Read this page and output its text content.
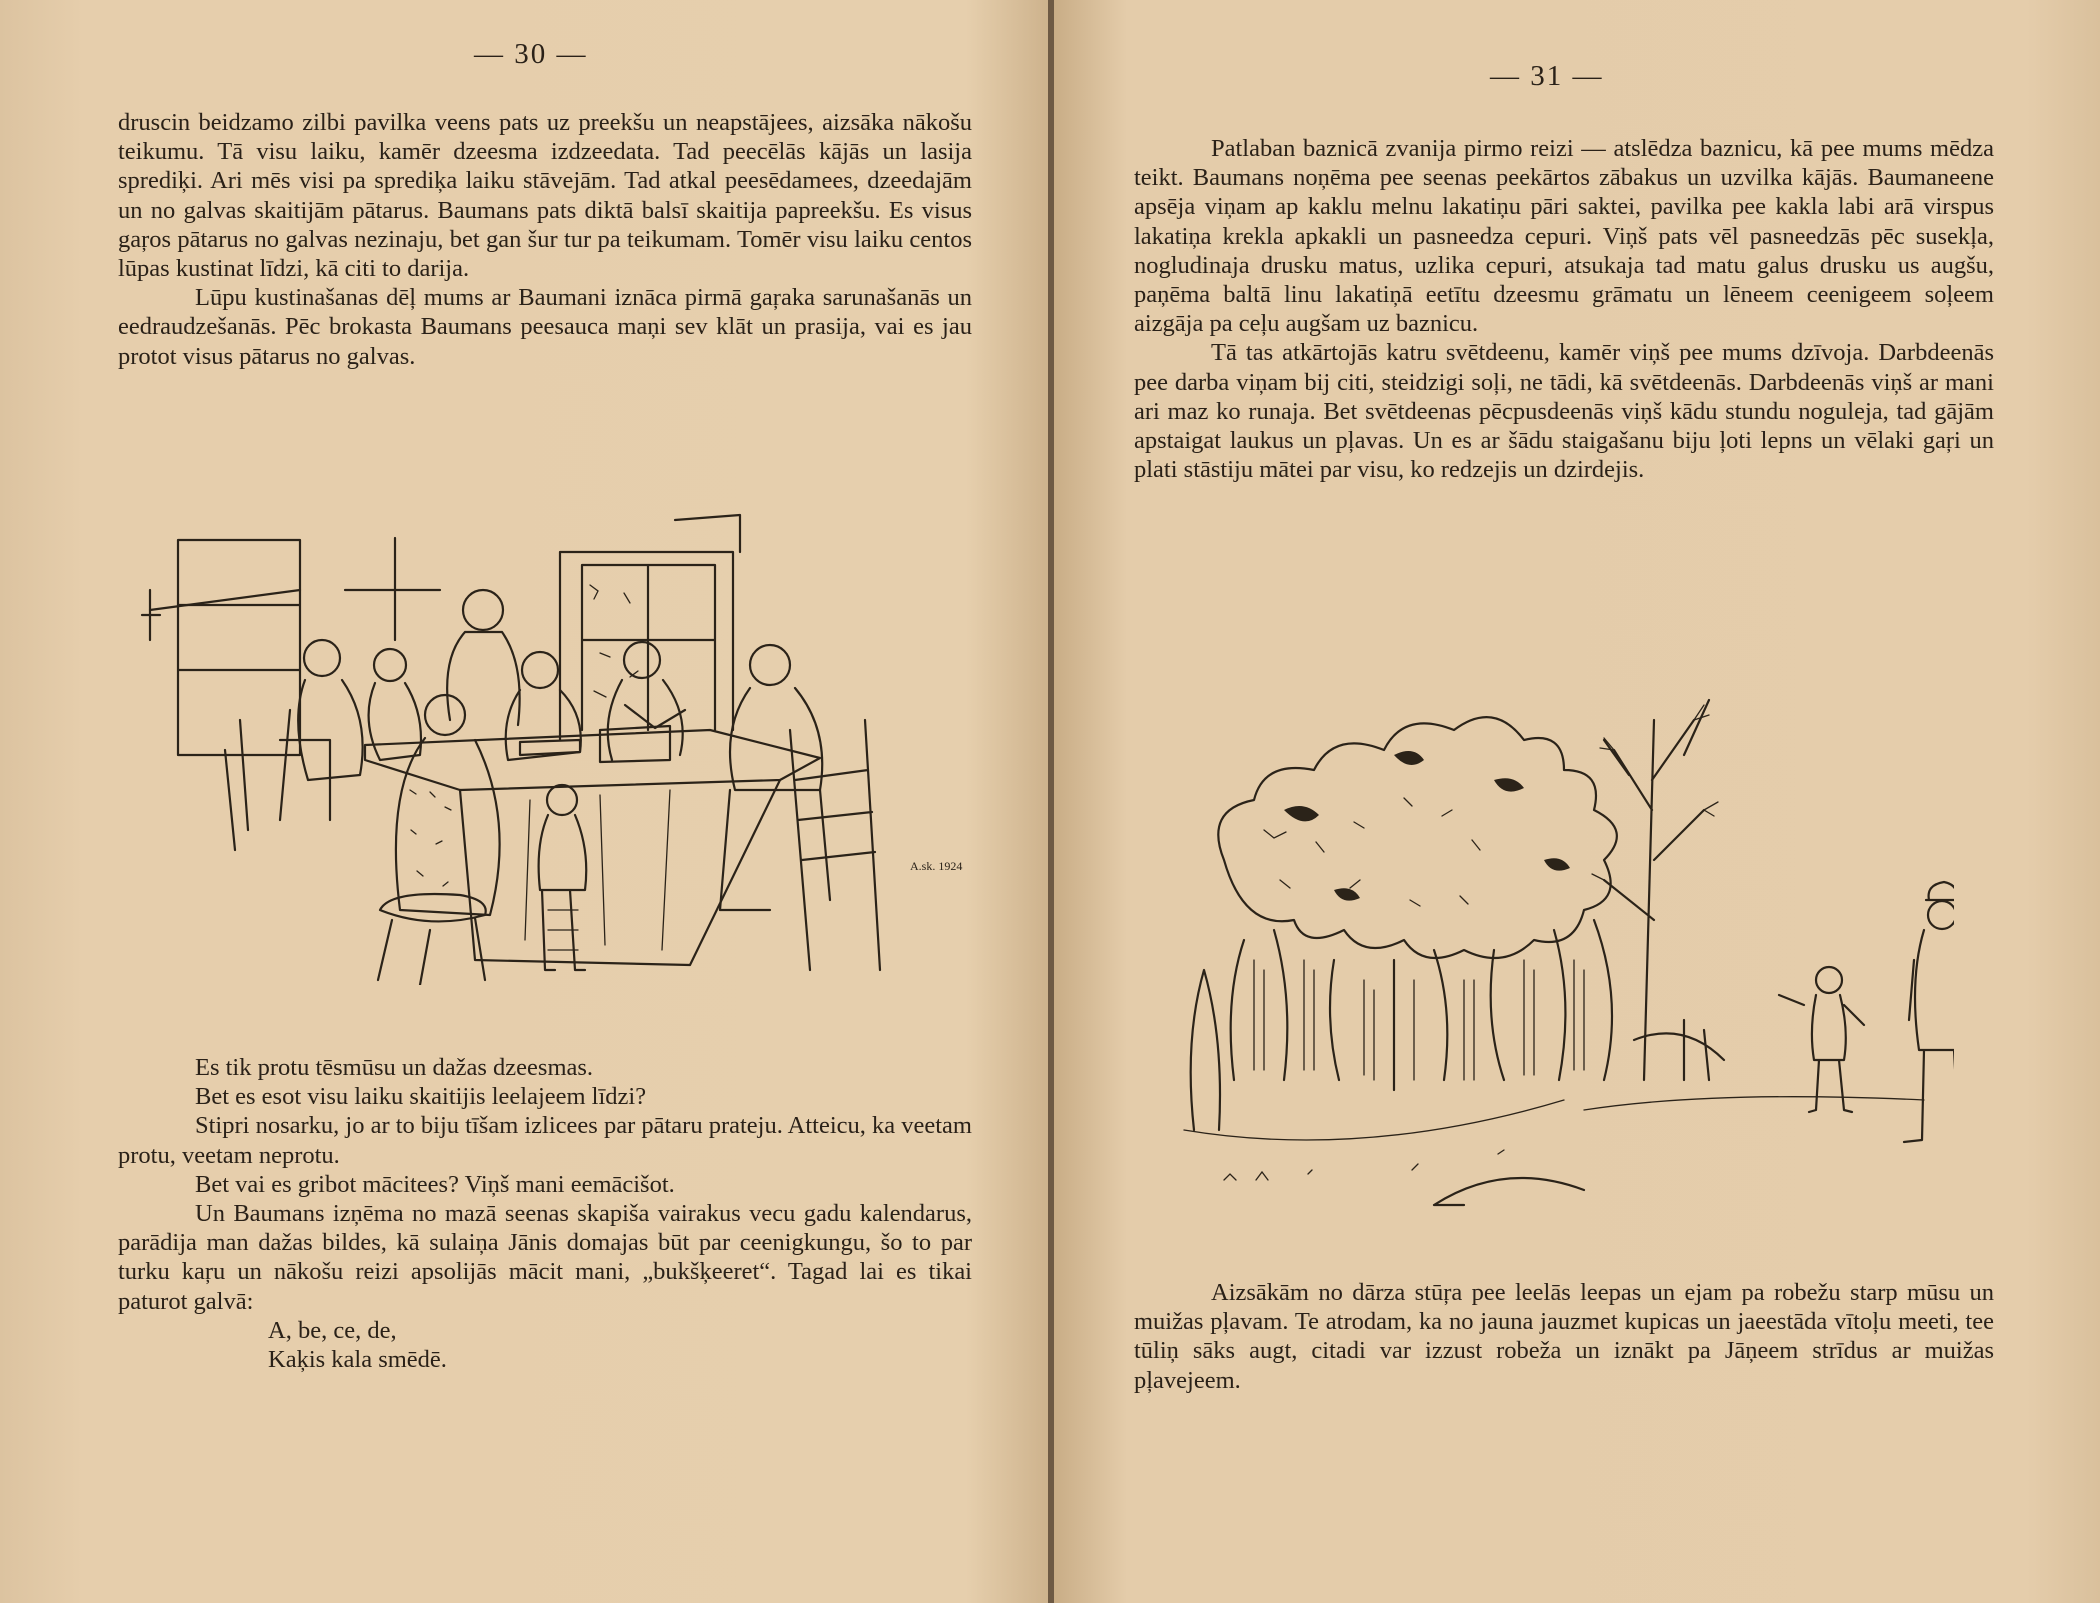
— 30 —

druscin beidzamo zilbi pavilka veens pats uz preekšu un neapstājees, aizsāka nākošu teikumu. Tā visu laiku, kamēr dzeesma izdzeedata. Tad peecēlās kājās un lasija sprediķi. Ari mēs visi pa sprediķa laiku stāvejām. Tad atkal peesēdamees, dzeedajām un no galvas skaitijām pātarus. Baumans pats diktā balsī skaitija papreekšu. Es visus gaŗos pātarus no galvas nezinaju, bet gan šur tur pa teikumam. Tomēr visu laiku centos lūpas kustinat līdzi, kā citi to darija.

Lūpu kustinašanas dēļ mums ar Baumani iznāca pirmā gaŗaka sarunašanās un eedraudzešanās. Pēc brokasta Baumans peesauca maņi sev klāt un prasija, vai es jau protot visus pātarus no galvas.

A.sk. 1924

Es tik protu tēsmūsu un dažas dzeesmas.

Bet es esot visu laiku skaitijis leelajeem līdzi?

Stipri nosarku, jo ar to biju tīšam izlicees par pātaru prateju. Atteicu, ka veetam protu, veetam neprotu.

Bet vai es gribot mācitees? Viņš mani eemācišot.

Un Baumans izņēma no mazā seenas skapiša vairakus vecu gadu kalendarus, parādija man dažas bildes, kā sulaiņa Jānis domajas būt par ceenigkungu, šo to par turku kaŗu un nākošu reizi apsolijās mācit mani, „bukšķeeret“. Tagad lai es tikai paturot galvā:

A, be, ce, de,

Kaķis kala smēdē.

— 31 —

Patlaban baznicā zvanija pirmo reizi — atslēdza baznicu, kā pee mums mēdza teikt. Baumans noņēma pee seenas peekārtos zābakus un uzvilka kājās. Baumaneene apsēja viņam ap kaklu melnu lakatiņu pāri saktei, pavilka pee kakla labi arā virspus lakatiņa krekla apkakli un pasneedza cepuri. Viņš pats vēl pasneedzās pēc susekļa, nogludinaja drusku matus, uzlika cepuri, atsukaja tad matu galus drusku us augšu, paņēma baltā linu lakatiņā eetītu dzeesmu grāmatu un lēneem ceenigeem soļeem aizgāja pa ceļu augšam uz baznicu.

Tā tas atkārtojās katru svētdeenu, kamēr viņš pee mums dzīvoja. Darbdeenās pee darba viņam bij citi, steidzigi soļi, ne tādi, kā svētdeenās. Darbdeenās viņš ar mani ari maz ko runaja. Bet svētdeenas pēcpusdeenās viņš kādu stundu noguleja, tad gājām apstaigat laukus un pļavas. Un es ar šādu staigašanu biju ļoti lepns un vēlaki gaŗi un plati stāstiju mātei par visu, ko redzejis un dzirdejis.

Aizsākām no dārza stūŗa pee leelās leepas un ejam pa robežu starp mūsu un muižas pļavam. Te atrodam, ka no jauna jauzmet kupicas un jaeestāda vītoļu meeti, tee tūliņ sāks augt, citadi var izzust robeža un iznākt pa Jāņeem strīdus ar muižas pļavejeem.
